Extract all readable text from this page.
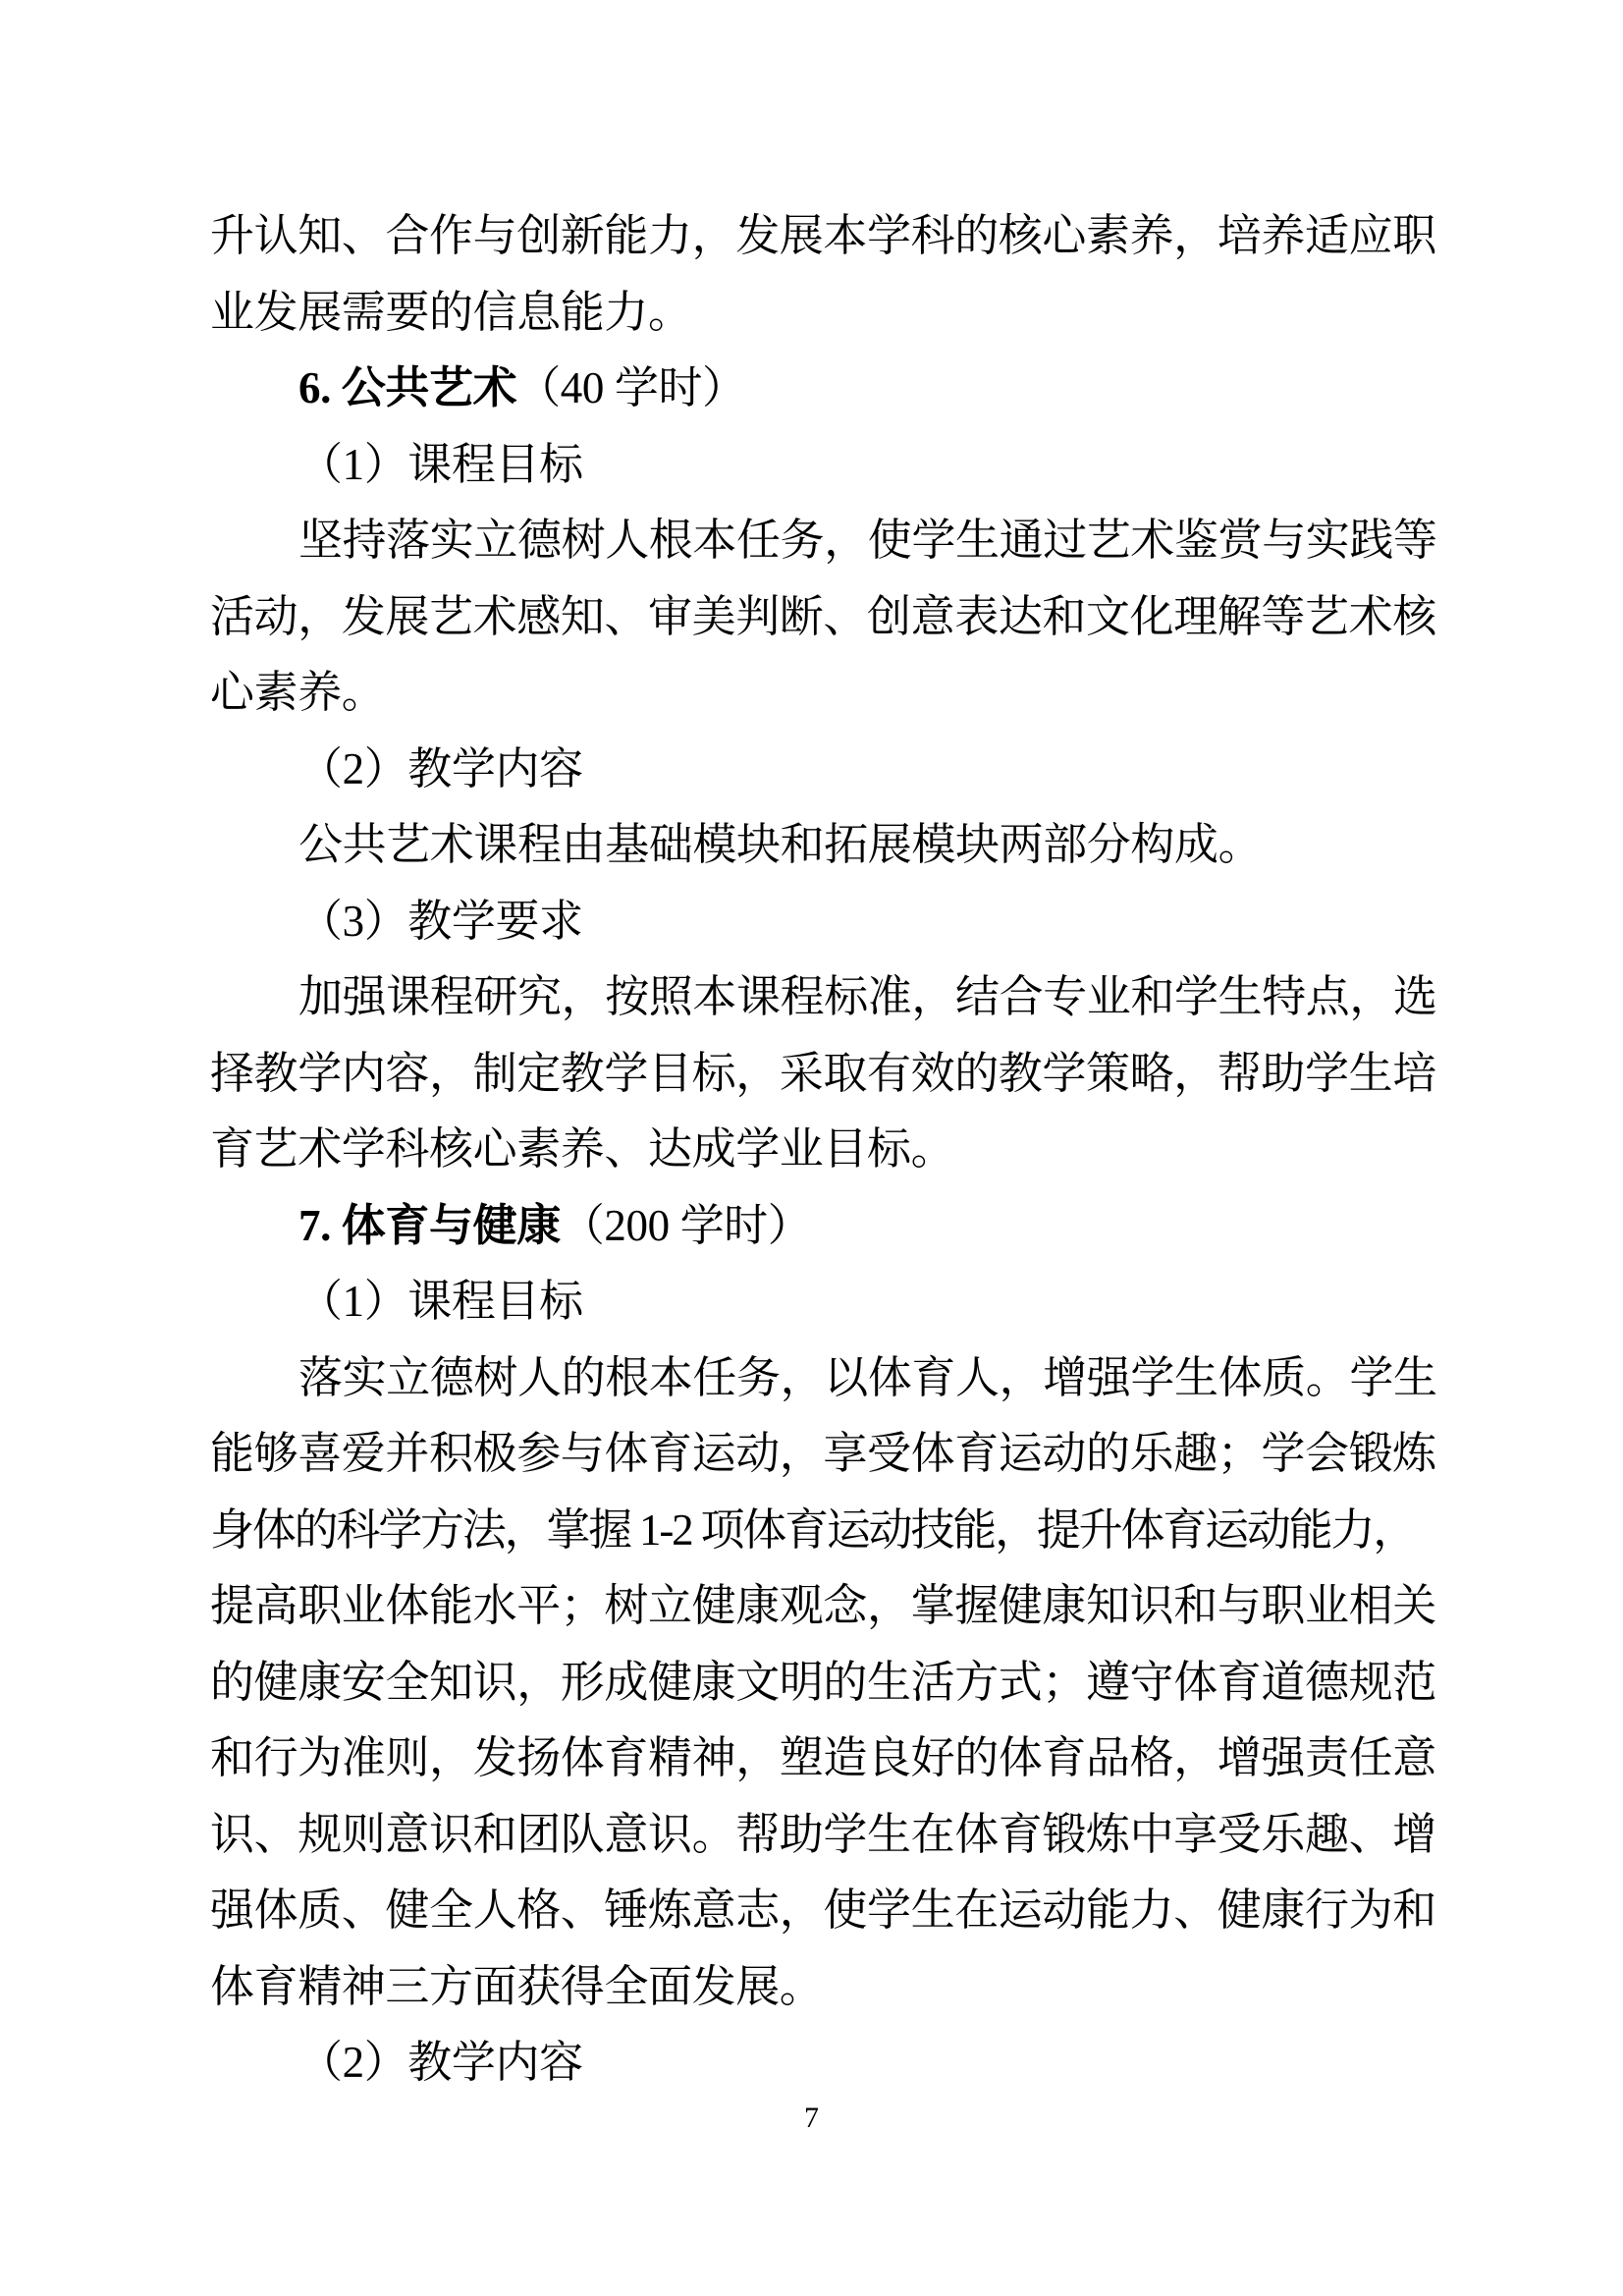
升认知、合作与创新能力，发展本学科的核心素养，培养适应职
业发展需要的信息能力。
6. 公共艺术（40 学时）
（1）课程目标
坚持落实立德树人根本任务，使学生通过艺术鉴赏与实践等
活动，发展艺术感知、审美判断、创意表达和文化理解等艺术核
心素养。
（2）教学内容
公共艺术课程由基础模块和拓展模块两部分构成。
（3）教学要求
加强课程研究，按照本课程标准，结合专业和学生特点，选
择教学内容，制定教学目标，采取有效的教学策略，帮助学生培
育艺术学科核心素养、达成学业目标。
7. 体育与健康（200 学时）
（1）课程目标
落实立德树人的根本任务，以体育人，增强学生体质。学生
能够喜爱并积极参与体育运动，享受体育运动的乐趣；学会锻炼
身体的科学方法，掌握 1-2 项体育运动技能，提升体育运动能力，
提高职业体能水平；树立健康观念，掌握健康知识和与职业相关
的健康安全知识，形成健康文明的生活方式；遵守体育道德规范
和行为准则，发扬体育精神，塑造良好的体育品格，增强责任意
识、规则意识和团队意识。帮助学生在体育锻炼中享受乐趣、增
强体质、健全人格、锤炼意志，使学生在运动能力、健康行为和
体育精神三方面获得全面发展。
（2）教学内容
7
